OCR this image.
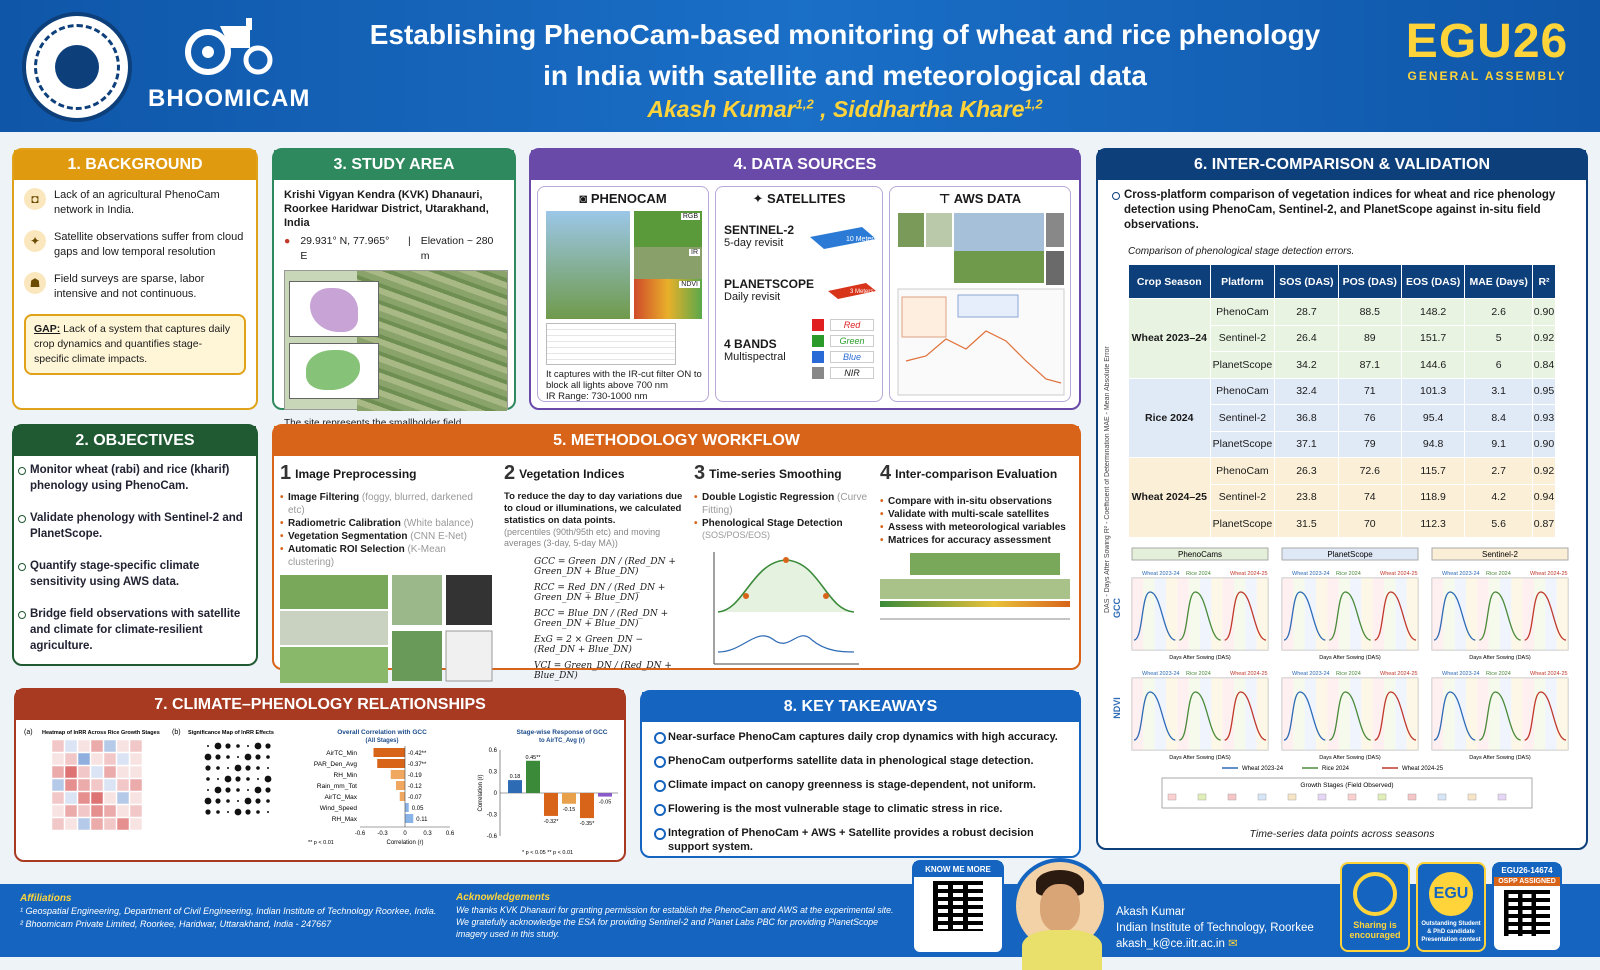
BHOOMICAM
Establishing PhenoCam-based monitoring of wheat and rice phenology
in India with satellite and meteorological data
Akash Kumar$^{1,2}$ , Siddhartha Khare$^{1,2}$
EGU26
GENERAL ASSEMBLY
1. BACKGROUND
◘	Lack of an agricultural PhenoCam network in India.
✦	Satellite observations suffer from cloud gaps and low temporal resolution
☗	Field surveys are sparse, labor intensive and not continuous.
GAP: Lack of a system that captures daily crop dynamics and quantifies stage-specific climate impacts.
2. OBJECTIVES
Monitor wheat (rabi) and rice (kharif) phenology using PhenoCam.
Validate phenology with Sentinel-2 and PlanetScope.
Quantify stage-specific climate sensitivity using AWS data.
Bridge field observations with satellite and climate for climate-resilient agriculture.
3. STUDY AREA
Krishi Vigyan Kendra (KVK) Dhanauri, Roorkee Haridwar District, Utarakhand, India
● 29.931° N, 77.965° E
| Elevation ~ 280 m
4. DATA SOURCES
◙ PHENOCAM
RGB
IR
NDVI
It captures with the IR-cut filter ON to block all lights above 700 nm
IR Range: 730-1000 nm
✦ SATELLITES
SENTINEL-2
5-day revisit	10 Meters
PLANETSCOPE
Daily revisit	3 Meters
4 BANDS
Multispectral
Red
Green
Blue
NIR
⊤ AWS DATA
5. METHODOLOGY WORKFLOW
1 Image Preprocessing
• Image Filtering (foggy, blurred, darkened etc)
• Radiometric Calibration (White balance)
• Vegetation Segmentation (CNN E-Net)
• Automatic ROI Selection (K-Mean clustering)
2 Vegetation Indices
To reduce the day to day variations due to cloud or illuminations, we calculated statistics on data points.
(percentiles (90th/95th etc) and moving averages (3-day, 5-day MA))
GCC = Green_DN / (Red_DN + Green_DN + Blue_DN)
RCC = Red_DN / (Red_DN + Green_DN + Blue_DN)
BCC = Blue_DN / (Red_DN + Green_DN + Blue_DN)
ExG = 2 × Green_DN − (Red_DN + Blue_DN)
VCI = Green_DN / (Red_DN + Blue_DN)
3 Time-series Smoothing
• Double Logistic Regression (Curve Fitting)
• Phenological Stage Detection
(SOS/POS/EOS)
4 Inter-comparison Evaluation
• Compare with in-situ observations
• Validate with multi-scale satellites
• Assess with meteorological variables
• Matrices for accuracy assessment
6. INTER-COMPARISON & VALIDATION
Cross-platform comparison of vegetation indices for wheat and rice phenology detection using PhenoCam, Sentinel-2, and PlanetScope against in-situ field observations.
Comparison of phenological stage detection errors.
DAS - Days After Sowing R² - Coefficient of Determination MAE - Mean Absolute Error
Crop Season	Platform	SOS (DAS)	POS (DAS)	EOS (DAS)	MAE (Days)	R²
Wheat 2023–24	PhenoCam	28.7	88.5	148.2	2.6	0.90
	Sentinel-2	26.4	89	151.7	5	0.92
	PlanetScope	34.2	87.1	144.6	6	0.84
Rice 2024	PhenoCam	32.4	71	101.3	3.1	0.95
	Sentinel-2	36.8	76	95.4	8.4	0.93
	PlanetScope	37.1	79	94.8	9.1	0.90
Wheat 2024–25	PhenoCam	26.3	72.6	115.7	2.7	0.92
	Sentinel-2	23.8	74	118.9	4.2	0.94
	PlanetScope	31.5	70	112.3	5.6	0.87
PhenoCams
Wheat 2023-24 Rice 2024	Wheat 2024-25
Days After Sowing (DAS)
Wheat 2023-24 Rice 2024	Wheat 2024-25
Days After Sowing (DAS)
PlanetScope
Wheat 2023-24 Rice 2024	Wheat 2024-25
Days After Sowing (DAS)
Wheat 2023-24 Rice 2024	Wheat 2024-25
Days After Sowing (DAS)
Sentinel-2
Wheat 2023-24 Rice 2024	Wheat 2024-25
Days After Sowing (DAS)
Wheat 2023-24 Rice 2024	Wheat 2024-25
Days After Sowing (DAS)
GCC
NDVI
Wheat 2023-24	Rice 2024	Wheat 2024-25
Growth Stages (Field Observed)
Time-series data points across seasons
7. CLIMATE–PHENOLOGY RELATIONSHIPS
(a) Heatmap of InRR Across Rice Growth Stages (b) Significance Map of InRR Effects	Overall Correlation with GCC
(All Stages)
AirTC_Min	-0.42**
PAR_Den_Avg	-0.37**
RH_Min	-0.19
Rain_mm_Tot	-0.12
AirTC_Max	-0.07
Wind_Speed	0.05
RH_Max	0.11
-0.6 -0.3	0	0.3 0.6
Correlation (r)
** p < 0.01
Stage-wise Response of GCC
to AirTC_Avg (r)
-0.6
-0.3
0
0.3
0.6
Correlation (r)	0.18
0.45**
-0.32*
-0.15
-0.35*
-0.05
* p < 0.05 ** p < 0.01
8. KEY TAKEAWAYS
Near-surface PhenoCam captures daily crop dynamics with high accuracy.
PhenoCam outperforms satellite data in phenological stage detection.
Climate impact on canopy greenness is stage-dependent, not uniform.
Flowering is the most vulnerable stage to climatic stress in rice.
Integration of PhenoCam + AWS + Satellite provides a robust decision support system.
Affiliations
¹ Geospatial Engineering, Department of Civil Engineering, Indian Institute of Technology Roorkee, India.
² Bhoomicam Private Limited, Roorkee, Haridwar, Uttarakhand, India - 247667
Acknowledgements
We thanks KVK Dhanauri for granting permission for establish the PhenoCam and AWS at the experimental site.
We gratefully acknowledge the ESA for providing Sentinel-2 and Planet Labs PBC for providing PlanetScope imagery used in this study.
KNOW ME MORE
Akash Kumar
Indian Institute of Technology, Roorkee
akash_k@ce.iitr.ac.in ✉
Sharing is encouraged
EGU
Outstanding Student & PhD candidate Presentation contest
EGU26-14674
OSPP ASSIGNED
